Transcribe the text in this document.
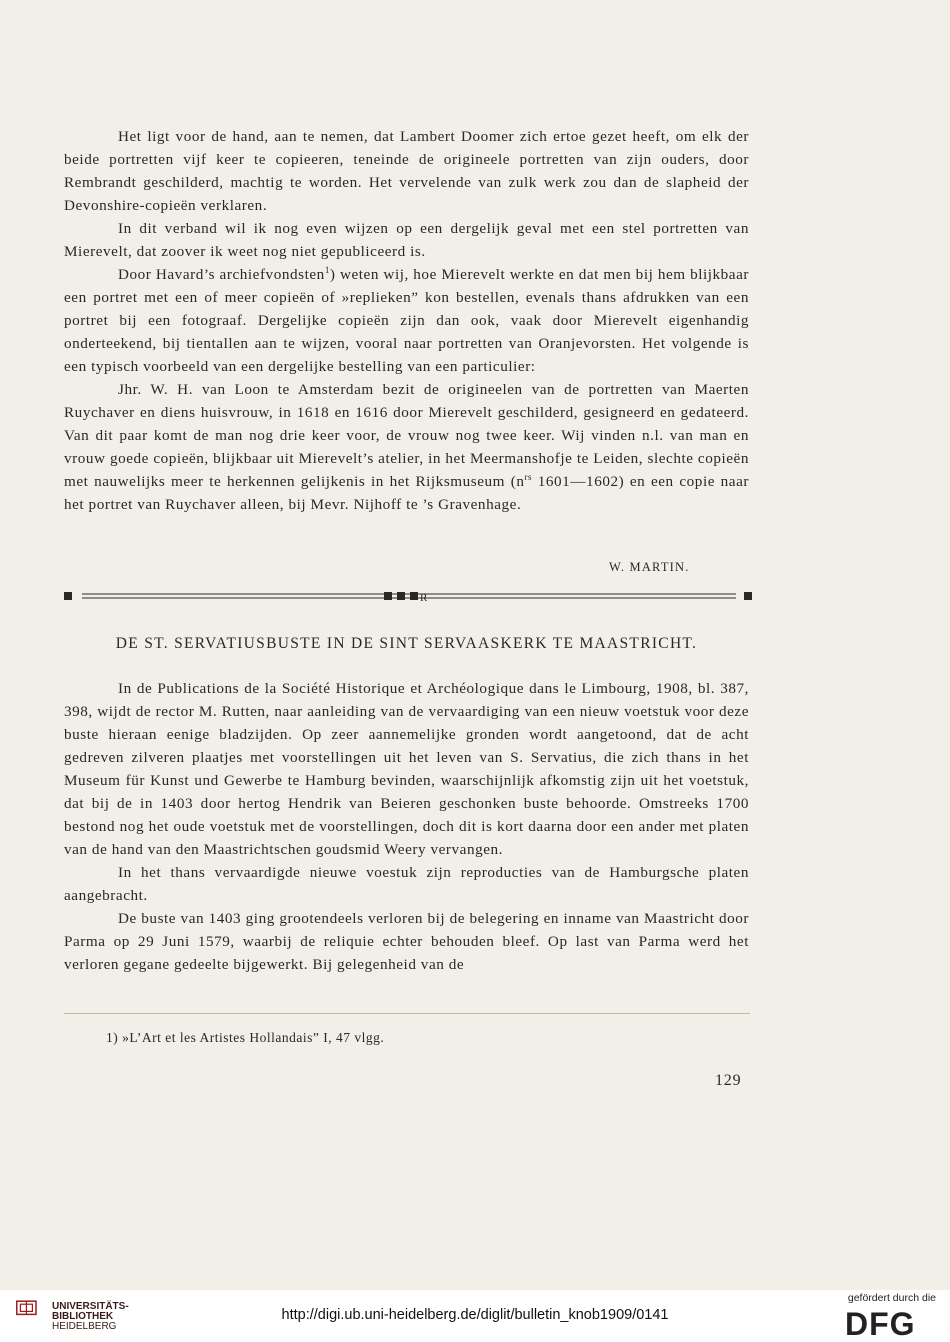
Het ligt voor de hand, aan te nemen, dat Lambert Doomer zich ertoe gezet heeft, om elk der beide portretten vijf keer te copieeren, teneinde de origineele portretten van zijn ouders, door Rembrandt geschilderd, machtig te worden. Het vervelende van zulk werk zou dan de slapheid der Devonshire-copieën verklaren.

In dit verband wil ik nog even wijzen op een dergelijk geval met een stel portretten van Mierevelt, dat zoover ik weet nog niet gepubliceerd is.

Door Havard’s archiefvondsten$^1$) weten wij, hoe Mierevelt werkte en dat men bij hem blijkbaar een portret met een of meer copieën of »replieken” kon bestellen, evenals thans afdrukken van een portret bij een fotograaf. Dergelijke copieën zijn dan ook, vaak door Mierevelt eigenhandig onderteekend, bij tientallen aan te wijzen, vooral naar portretten van Oranjevorsten. Het volgende is een typisch voorbeeld van een dergelijke bestelling van een particulier:

Jhr. W. H. van Loon te Amsterdam bezit de origineelen van de portretten van Maerten Ruychaver en diens huisvrouw, in 1618 en 1616 door Mierevelt geschilderd, gesigneerd en gedateerd. Van dit paar komt de man nog drie keer voor, de vrouw nog twee keer. Wij vinden n.l. van man en vrouw goede copieën, blijkbaar uit Mierevelt’s atelier, in het Meermanshofje te Leiden, slechte copieën met nauwelijks meer te herkennen gelijkenis in het Rijksmuseum ($n^{rs}$ 1601—1602) en een copie naar het portret van Ruychaver alleen, bij Mevr. Nijhoff te ’s Gravenhage.

W. MARTIN.
R
DE ST. SERVATIUSBUSTE IN DE SINT SERVAASKERK TE MAASTRICHT.

In de Publications de la Société Historique et Archéologique dans le Limbourg, 1908, bl. 387, 398, wijdt de rector M. Rutten, naar aanleiding van de vervaardiging van een nieuw voetstuk voor deze buste hieraan eenige bladzijden. Op zeer aannemelijke gronden wordt aangetoond, dat de acht gedreven zilveren plaatjes met voorstellingen uit het leven van S. Servatius, die zich thans in het Museum für Kunst und Gewerbe te Hamburg bevinden, waarschijnlijk afkomstig zijn uit het voetstuk, dat bij de in 1403 door hertog Hendrik van Beieren geschonken buste behoorde. Omstreeks 1700 bestond nog het oude voetstuk met de voorstellingen, doch dit is kort daarna door een ander met platen van de hand van den Maastrichtschen goudsmid Weery vervangen.

In het thans vervaardigde nieuwe voestuk zijn reproducties van de Hamburgsche platen aangebracht.

De buste van 1403 ging grootendeels verloren bij de belegering en inname van Maastricht door Parma op 29 Juni 1579, waarbij de reliquie echter behouden bleef. Op last van Parma werd het verloren gegane gedeelte bijgewerkt. Bij gelegenheid van de

1) »L’Art et les Artistes Hollandais” I, 47 vlgg.
129
UNIVERSITÄTS-
BIBLIOTHEK
HEIDELBERG
http://digi.ub.uni-heidelberg.de/diglit/bulletin_knob1909/0141
gefördert durch die
DFG
